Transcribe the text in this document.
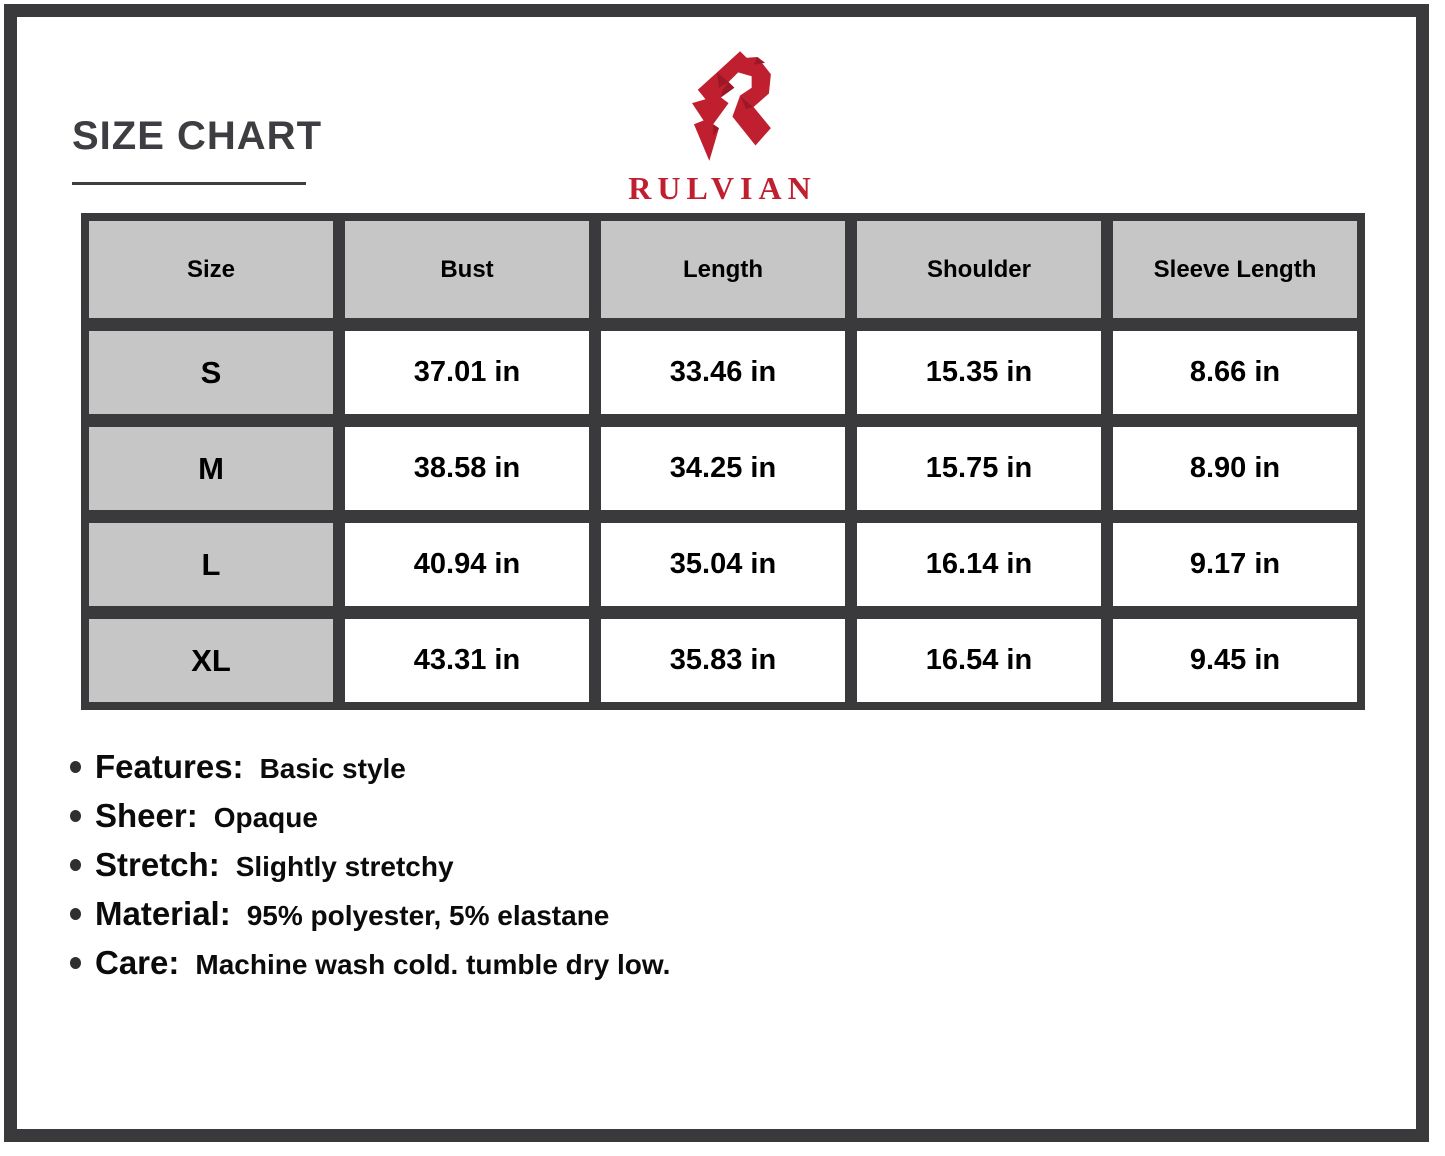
SIZE CHART
RULVIAN
Size	Bust	Length	Shoulder	Sleeve Length
S	37.01 in	33.46 in	15.35 in	8.66 in
M	38.58 in	34.25 in	15.75 in	8.90 in
L	40.94 in	35.04 in	16.14 in	9.17 in
XL	43.31 in	35.83 in	16.54 in	9.45 in
Features: Basic style
Sheer: Opaque
Stretch: Slightly stretchy
Material: 95% polyester, 5% elastane
Care: Machine wash cold. tumble dry low.
